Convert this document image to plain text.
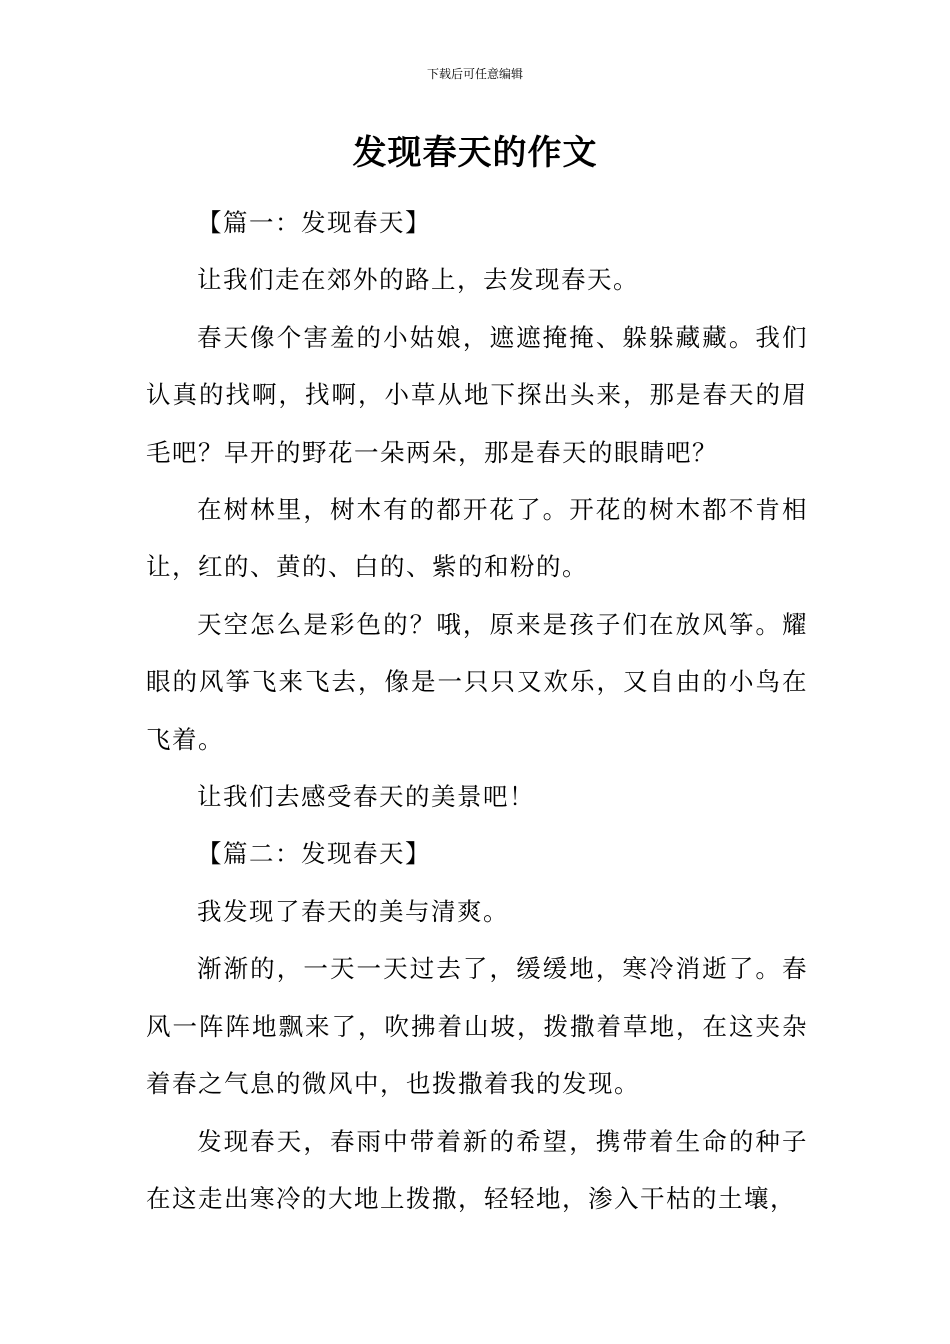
下载后可任意编辑
发现春天的作文

【篇一：发现春天】

让我们走在郊外的路上，去发现春天。

春天像个害羞的小姑娘，遮遮掩掩、躲躲藏藏。我们认真的找啊，找啊，小草从地下探出头来，那是春天的眉毛吧？早开的野花一朵两朵，那是春天的眼睛吧？

在树林里，树木有的都开花了。开花的树木都不肯相让，红的、黄的、白的、紫的和粉的。

天空怎么是彩色的？哦，原来是孩子们在放风筝。耀眼的风筝飞来飞去，像是一只只又欢乐，又自由的小鸟在飞着。

让我们去感受春天的美景吧！

【篇二：发现春天】

我发现了春天的美与清爽。

渐渐的，一天一天过去了，缓缓地，寒冷消逝了。春风一阵阵地飘来了，吹拂着山坡，拨撒着草地，在这夹杂着春之气息的微风中，也拨撒着我的发现。

发现春天，春雨中带着新的希望，携带着生命的种子在这走出寒冷的大地上拨撒，轻轻地，渗入干枯的土壤，
